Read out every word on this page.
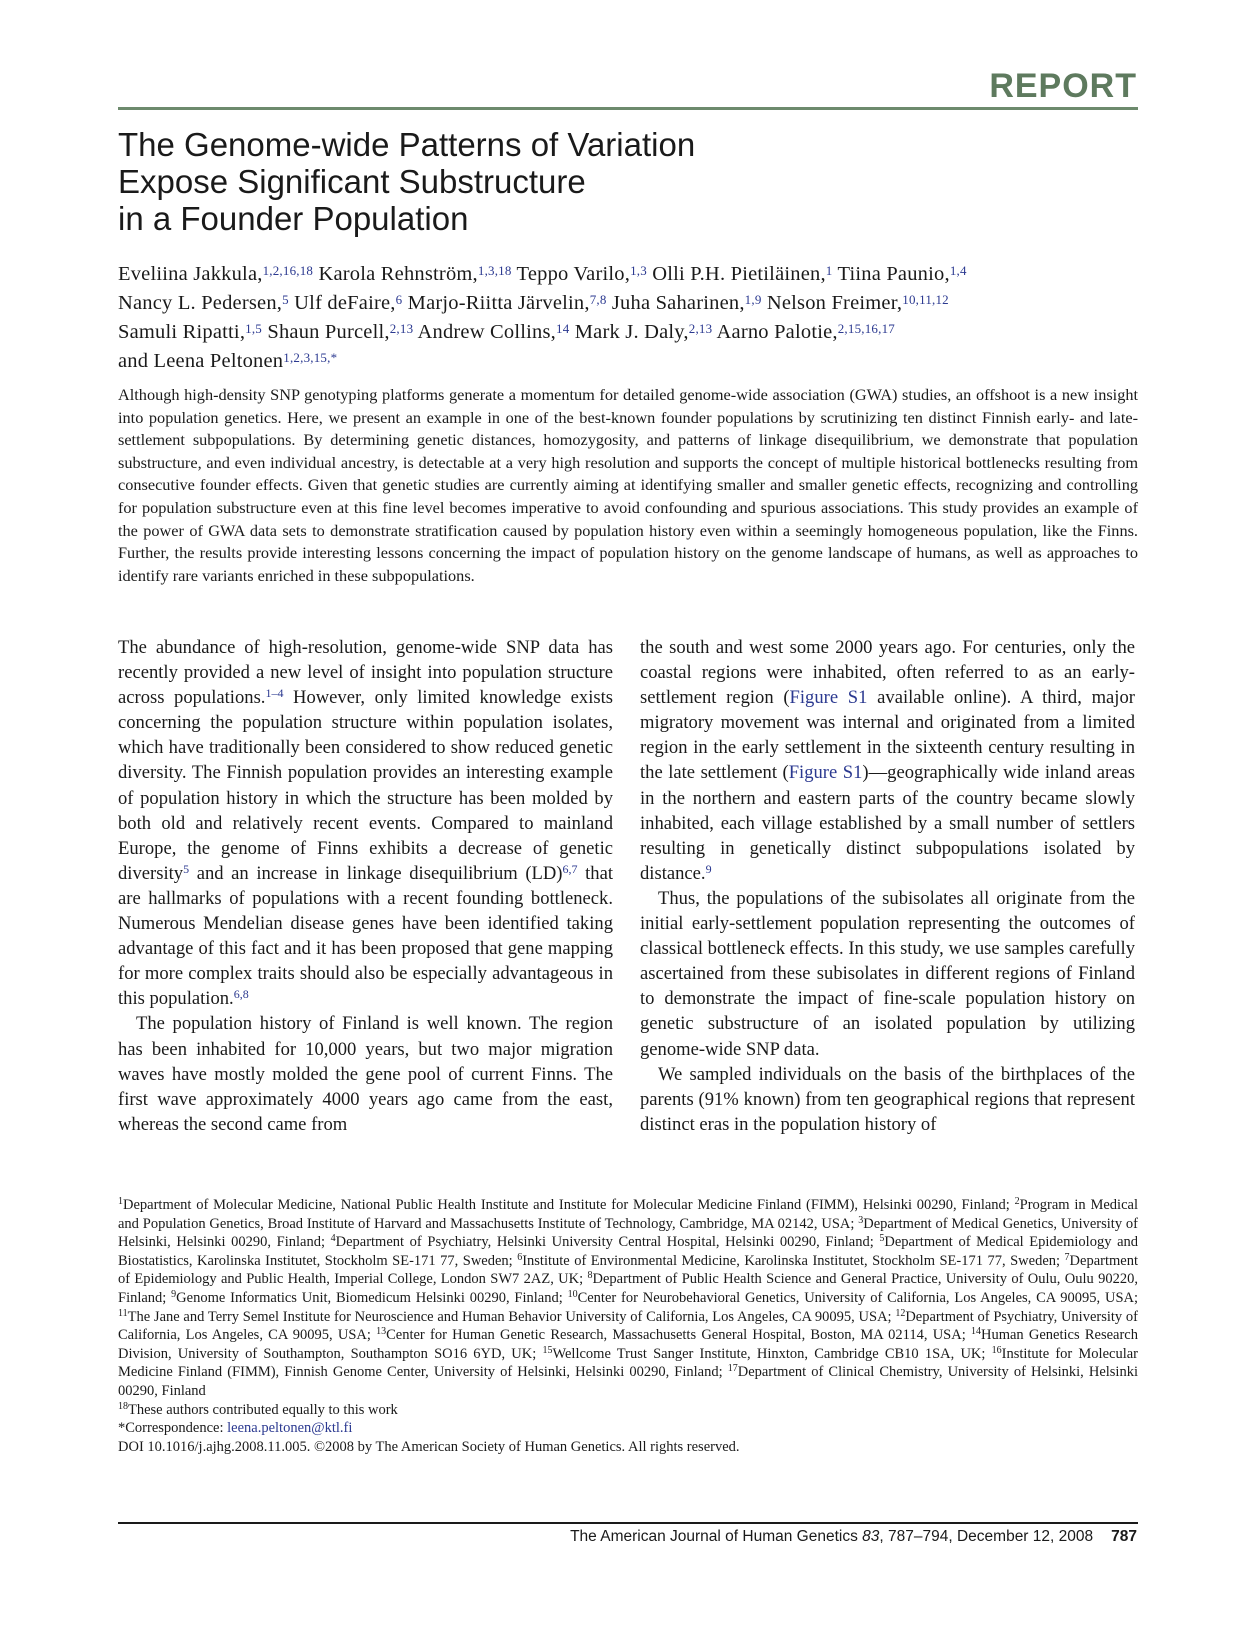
REPORT
The Genome-wide Patterns of Variation
Expose Significant Substructure
in a Founder Population
Eveliina Jakkula,$^{1,2,16,18}$ Karola Rehnström,$^{1,3,18}$ Teppo Varilo,$^{1,3}$ Olli P.H. Pietiläinen,$^1$ Tiina Paunio,$^{1,4}$
Nancy L. Pedersen,$^5$ Ulf deFaire,$^6$ Marjo-Riitta Järvelin,$^{7,8}$ Juha Saharinen,$^{1,9}$ Nelson Freimer,$^{10,11,12}$
Samuli Ripatti,$^{1,5}$ Shaun Purcell,$^{2,13}$ Andrew Collins,$^{14}$ Mark J. Daly,$^{2,13}$ Aarno Palotie,$^{2,15,16,17}$
and Leena Peltonen$^{1,2,3,15,*}$

Although high-density SNP genotyping platforms generate a momentum for detailed genome-wide association (GWA) studies, an offshoot is a new insight into population genetics. Here, we present an example in one of the best-known founder populations by scrutinizing ten distinct Finnish early- and late-settlement subpopulations. By determining genetic distances, homozygosity, and patterns of linkage disequilibrium, we demonstrate that population substructure, and even individual ancestry, is detectable at a very high resolution and supports the concept of multiple historical bottlenecks resulting from consecutive founder effects. Given that genetic studies are currently aiming at identifying smaller and smaller genetic effects, recognizing and controlling for population substructure even at this fine level becomes imperative to avoid confounding and spurious associations. This study provides an example of the power of GWA data sets to demonstrate stratification caused by population history even within a seemingly homogeneous population, like the Finns. Further, the results provide interesting lessons concerning the impact of population history on the genome landscape of humans, as well as approaches to identify rare variants enriched in these subpopulations.

The abundance of high-resolution, genome-wide SNP data has recently provided a new level of insight into population structure across populations.$^{1-4}$ However, only limited knowledge exists concerning the population structure within population isolates, which have traditionally been considered to show reduced genetic diversity. The Finnish population provides an interesting example of population history in which the structure has been molded by both old and relatively recent events. Compared to mainland Europe, the genome of Finns exhibits a decrease of genetic diversity$^5$ and an increase in linkage disequilibrium (LD)$^{6,7}$ that are hallmarks of populations with a recent founding bottleneck. Numerous Mendelian disease genes have been identified taking advantage of this fact and it has been proposed that gene mapping for more complex traits should also be especially advantageous in this population.$^{6,8}$

The population history of Finland is well known. The region has been inhabited for 10,000 years, but two major migration waves have mostly molded the gene pool of current Finns. The first wave approximately 4000 years ago came from the east, whereas the second came from

the south and west some 2000 years ago. For centuries, only the coastal regions were inhabited, often referred to as an early-settlement region (Figure S1 available online). A third, major migratory movement was internal and originated from a limited region in the early settlement in the sixteenth century resulting in the late settlement (Figure S1)—geographically wide inland areas in the northern and eastern parts of the country became slowly inhabited, each village established by a small number of settlers resulting in genetically distinct subpopulations isolated by distance.$^9$

Thus, the populations of the subisolates all originate from the initial early-settlement population representing the outcomes of classical bottleneck effects. In this study, we use samples carefully ascertained from these subisolates in different regions of Finland to demonstrate the impact of fine-scale population history on genetic substructure of an isolated population by utilizing genome-wide SNP data.

We sampled individuals on the basis of the birthplaces of the parents (91% known) from ten geographical regions that represent distinct eras in the population history of

$^1$Department of Molecular Medicine, National Public Health Institute and Institute for Molecular Medicine Finland (FIMM), Helsinki 00290, Finland; $^2$Program in Medical and Population Genetics, Broad Institute of Harvard and Massachusetts Institute of Technology, Cambridge, MA 02142, USA; $^3$Department of Medical Genetics, University of Helsinki, Helsinki 00290, Finland; $^4$Department of Psychiatry, Helsinki University Central Hospital, Helsinki 00290, Finland; $^5$Department of Medical Epidemiology and Biostatistics, Karolinska Institutet, Stockholm SE-171 77, Sweden; $^6$Institute of Environmental Medicine, Karolinska Institutet, Stockholm SE-171 77, Sweden; $^7$Department of Epidemiology and Public Health, Imperial College, London SW7 2AZ, UK; $^8$Department of Public Health Science and General Practice, University of Oulu, Oulu 90220, Finland; $^9$Genome Informatics Unit, Biomedicum Helsinki 00290, Finland; $^{10}$Center for Neurobehavioral Genetics, University of California, Los Angeles, CA 90095, USA; $^{11}$The Jane and Terry Semel Institute for Neuroscience and Human Behavior University of California, Los Angeles, CA 90095, USA; $^{12}$Department of Psychiatry, University of California, Los Angeles, CA 90095, USA; $^{13}$Center for Human Genetic Research, Massachusetts General Hospital, Boston, MA 02114, USA; $^{14}$Human Genetics Research Division, University of Southampton, Southampton SO16 6YD, UK; $^{15}$Wellcome Trust Sanger Institute, Hinxton, Cambridge CB10 1SA, UK; $^{16}$Institute for Molecular Medicine Finland (FIMM), Finnish Genome Center, University of Helsinki, Helsinki 00290, Finland; $^{17}$Department of Clinical Chemistry, University of Helsinki, Helsinki 00290, Finland
$^{18}$These authors contributed equally to this work
*Correspondence: leena.peltonen@ktl.fi
DOI 10.1016/j.ajhg.2008.11.005. ©2008 by The American Society of Human Genetics. All rights reserved.
The American Journal of Human Genetics 83, 787–794, December 12, 2008 787
